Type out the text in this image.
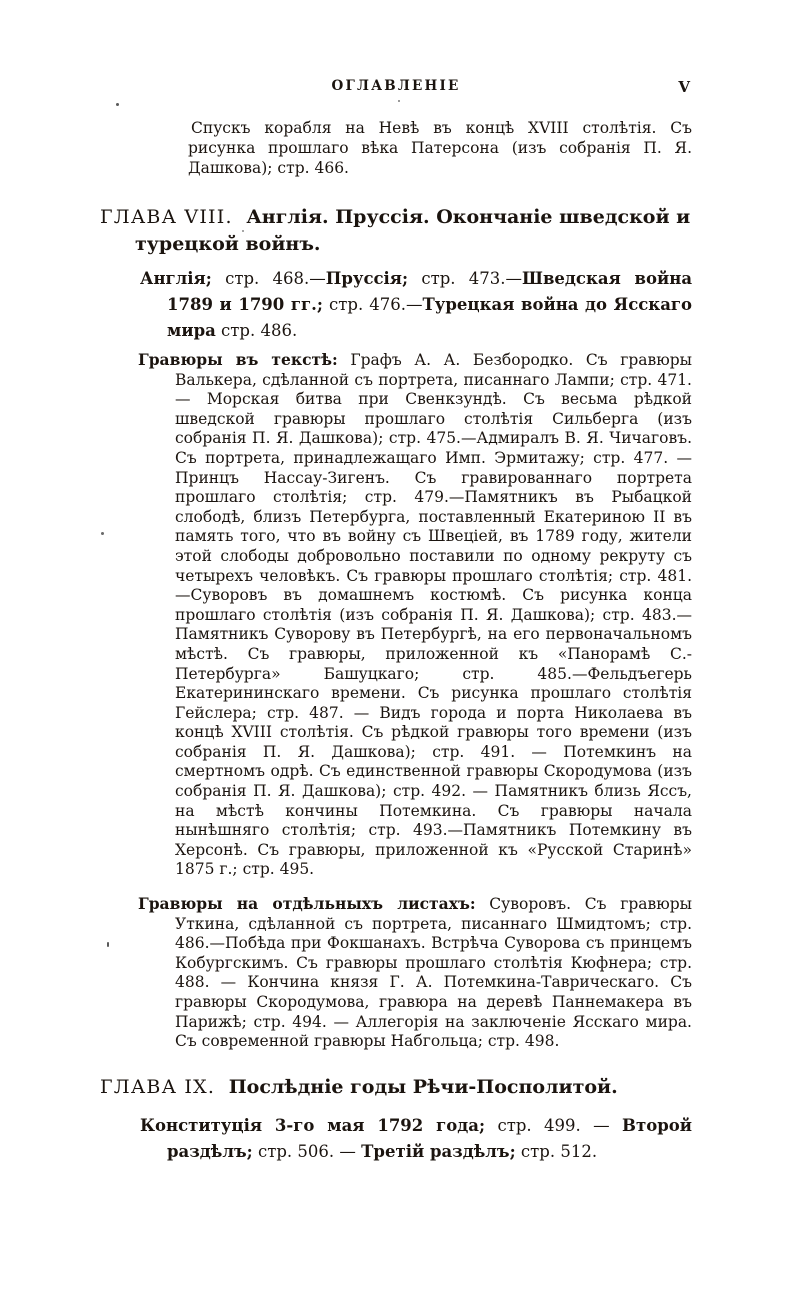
ОГЛАВЛЕНІЕ	V

Спускъ корабля на Невѣ въ концѣ XVIII столѣтія. Съ рисунка прошлаго вѣка Патерсона (изъ собранія П. Я. Дашкова); стр. 466.

ГЛАВА VIII. Англія. Пруссія. Окончаніе шведской и турецкой войнъ.

Англія; стр. 468.—Пруссія; стр. 473.—Шведская война 1789 и 1790 гг.; стр. 476.—Турецкая война до Ясскаго мира стр. 486.

Гравюры въ текстѣ: Графъ А. А. Безбородко. Съ гравюры Валькера, сдѣланной съ портрета, писаннаго Лампи; стр. 471. — Морская битва при Свенкзундѣ. Съ весьма рѣдкой шведской гравюры прошлаго столѣтія Сильберга (изъ собранія П. Я. Дашкова); стр. 475.—Адмиралъ В. Я. Чичаговъ. Съ портрета, принадлежащаго Имп. Эрмитажу; стр. 477. — Принцъ Нассау-Зигенъ. Съ гравированнаго портрета прошлаго столѣтія; стр. 479.—Памятникъ въ Рыбацкой слободѣ, близъ Петербурга, поставленный Екатериною II въ память того, что въ войну съ Швеціей, въ 1789 году, жители этой слободы добровольно поставили по одному рекруту съ четырехъ человѣкъ. Съ гравюры прошлаго столѣтія; стр. 481.—Суворовъ въ домашнемъ костюмѣ. Съ рисунка конца прошлаго столѣтія (изъ собранія П. Я. Дашкова); стр. 483.—Памятникъ Суворову въ Петербургѣ, на его первоначальномъ мѣстѣ. Съ гравюры, приложенной къ «Панорамѣ С.-Петербурга» Башуцкаго; стр. 485.—Фельдъегерь Екатерининскаго времени. Съ рисунка прошлаго столѣтія Гейслера; стр. 487. — Видъ города и порта Николаева въ концѣ XVIII столѣтія. Съ рѣдкой гравюры того времени (изъ собранія П. Я. Дашкова); стр. 491. — Потемкинъ на смертномъ одрѣ. Съ единственной гравюры Скородумова (изъ собранія П. Я. Дашкова); стр. 492. — Памятникъ близь Яссъ, на мѣстѣ кончины Потемкина. Съ гравюры начала нынѣшняго столѣтія; стр. 493.—Памятникъ Потемкину въ Херсонѣ. Съ гравюры, приложенной къ «Русской Старинѣ» 1875 г.; стр. 495.

Гравюры на отдѣльныхъ листахъ: Суворовъ. Съ гравюры Уткина, сдѣланной съ портрета, писаннаго Шмидтомъ; стр. 486.—Побѣда при Фокшанахъ. Встрѣча Суворова съ принцемъ Кобургскимъ. Съ гравюры прошлаго столѣтія Кюфнера; стр. 488. — Кончина князя Г. А. Потемкина-Таврическаго. Съ гравюры Скородумова, гравюра на деревѣ Паннемакера въ Парижѣ; стр. 494. — Аллегорія на заключеніе Ясскаго мира. Съ современной гравюры Набгольца; стр. 498.

ГЛАВА IX. Послѣдніе годы Рѣчи-Посполитой.

Конституція 3-го мая 1792 года; стр. 499. — Второй раздѣлъ; стр. 506. — Третій раздѣлъ; стр. 512.
